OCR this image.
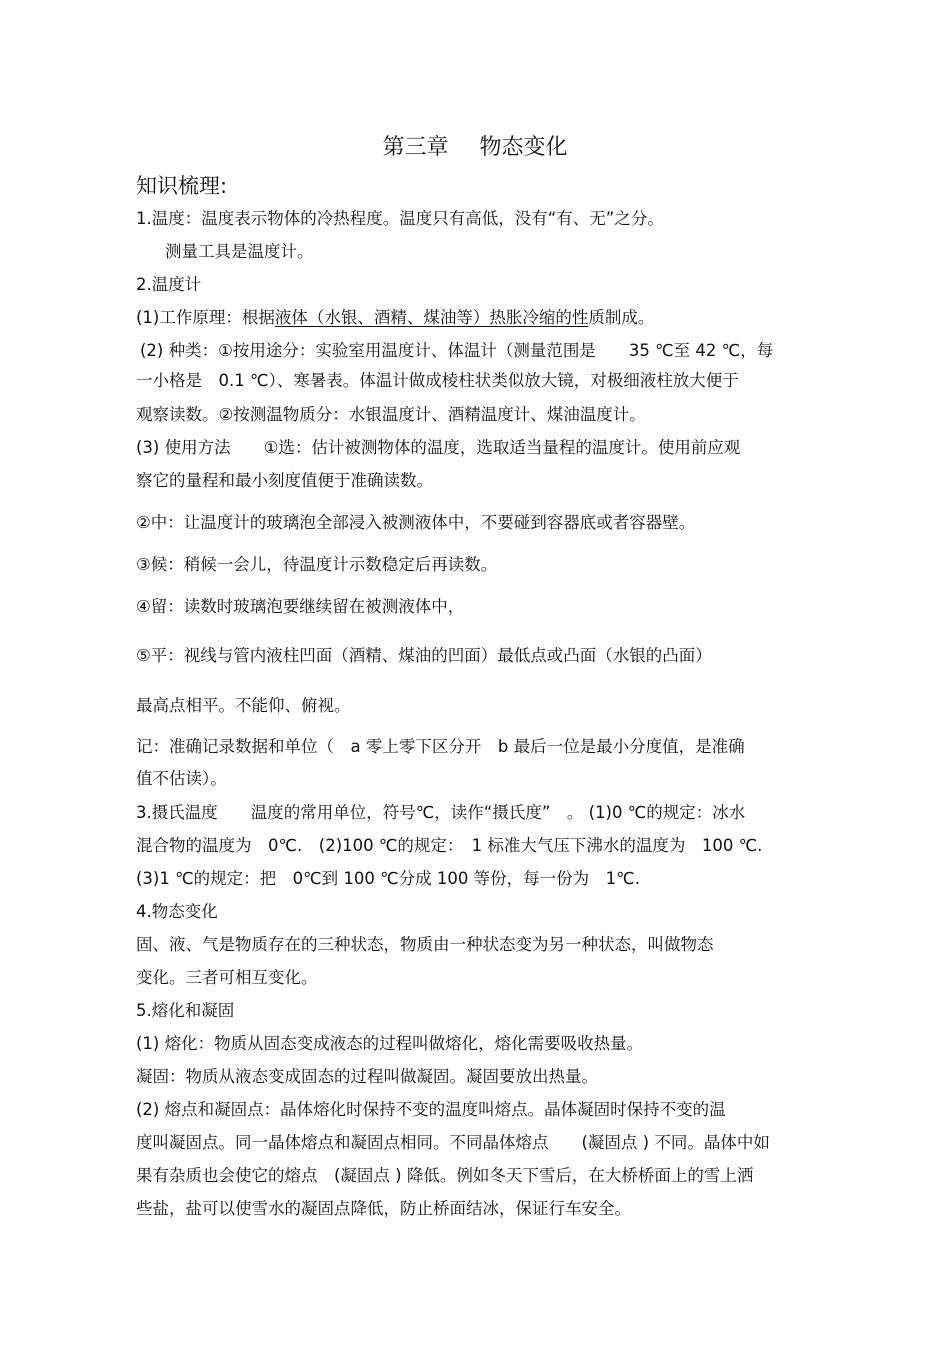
第三章 物态变化
知识梳理:
1.温度：温度表示物体的冷热程度。温度只有高低，没有“有、无”之分。
测量工具是温度计。
2.温度计
(1)工作原理：根据液体（水银、酒精、煤油等）热胀冷缩的性质制成。
(2) 种类：①按用途分：实验室用温度计、体温计（测量范围是　　35 ℃至 42 ℃，每
一小格是　0.1 ℃）、寒暑表。体温计做成棱柱状类似放大镜，对极细液柱放大便于
观察读数。②按测温物质分：水银温度计、酒精温度计、煤油温度计。
(3) 使用方法　　①选：估计被测物体的温度，选取适当量程的温度计。使用前应观
察它的量程和最小刻度值便于准确读数。
②中：让温度计的玻璃泡全部浸入被测液体中，不要碰到容器底或者容器壁。
③候：稍候一会儿，待温度计示数稳定后再读数。
④留：读数时玻璃泡要继续留在被测液体中，
⑤平：视线与管内液柱凹面（酒精、煤油的凹面）最低点或凸面（水银的凸面）
最高点相平。不能仰、俯视。
记：准确记录数据和单位（　a 零上零下区分开　b 最后一位是最小分度值，是准确
值不估读）。
3.摄氏温度　　温度的常用单位，符号℃，读作“摄氏度”　。 (1)0 ℃的规定：冰水
混合物的温度为　0℃.　(2)100 ℃的规定：　1 标准大气压下沸水的温度为　100 ℃.
(3)1 ℃的规定：把　0℃到 100 ℃分成 100 等份，每一份为　1℃.
4.物态变化
固、液、气是物质存在的三种状态，物质由一种状态变为另一种状态，叫做物态
变化。三者可相互变化。
5.熔化和凝固
(1) 熔化：物质从固态变成液态的过程叫做熔化，熔化需要吸收热量。
凝固：物质从液态变成固态的过程叫做凝固。凝固要放出热量。
(2) 熔点和凝固点：晶体熔化时保持不变的温度叫熔点。晶体凝固时保持不变的温
度叫凝固点。同一晶体熔点和凝固点相同。不同晶体熔点　　(凝固点 ) 不同。晶体中如
果有杂质也会使它的熔点　(凝固点 ) 降低。例如冬天下雪后，在大桥桥面上的雪上洒
些盐，盐可以使雪水的凝固点降低，防止桥面结冰，保证行车安全。
